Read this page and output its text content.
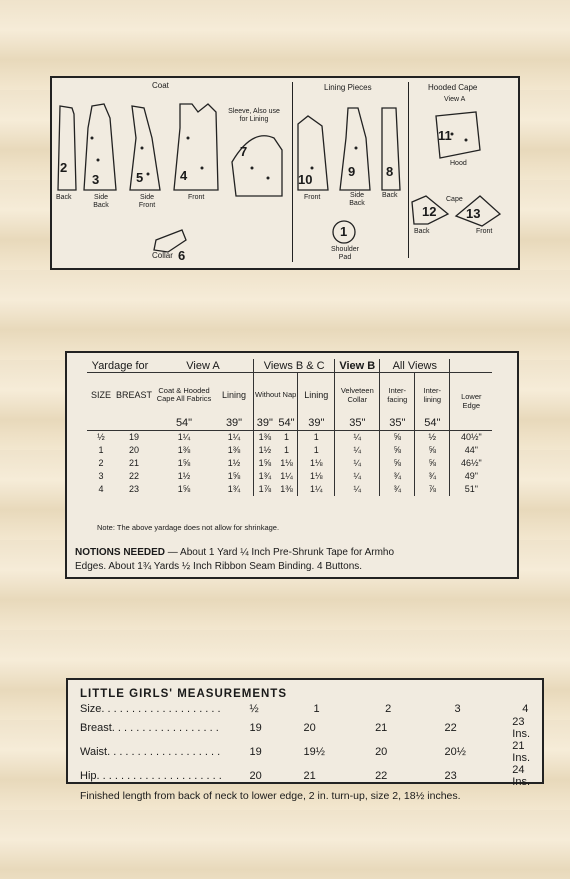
Coat	Lining Pieces	Hooded Cape
View A
Sleeve, Also use for Lining
2
Back
3
Side Back
5
Side Front
4
Front
7
Collar 6
10
Front
9
Side Back
8
Back
1
Shoulder Pad
11
Hood
Cape
12
Back
13
Front
Yardage for		View A		Views B & C			View B	All Views		
SIZE	BREAST	Coat & Hooded Cape All Fabrics	Lining	Without Nap		Lining	Velveteen Collar	Inter-facing	Inter-lining	Lower Edge
		54"	39"	39"	54"	39"	35"	35"	54"	
½	19	1¼	1¼	1⅜	1	1	¼	⅝	½	40½"
1	20	1⅜	1⅜	1½	1	1	¼	⅝	⅝	44"
2	21	1⅝	1½	1⅝	1⅛	1⅛	¼	⅝	⅝	46½"
3	22	1½	1⅝	1¾	1¼	1⅛	¼	¾	¾	49"
4	23	1⅝	1¾	1⅞	1⅜	1¼	¼	¾	⅞	51"
Note: The above yardage does not allow for shrinkage.
NOTIONS NEEDED — About 1 Yard ¼ Inch Pre-Shrunk Tape for Armho
Edges. About 1¾ Yards ½ Inch Ribbon Seam Binding. 4 Buttons.
LITTLE GIRLS' MEASUREMENTS
Size. . . . . . . . . . . . . . . . . . . .	½	1	2	3	4
Breast. . . . . . . . . . . . . . . . . .	19	20	21	22	23 Ins.
Waist. . . . . . . . . . . . . . . . . . .	19	19½	20	20½	21 Ins.
Hip. . . . . . . . . . . . . . . . . . . . .	20	21	22	23	24 Ins.
Finished length from back of neck to lower edge, 2 in. turn-up, size 2, 18½ inches.
